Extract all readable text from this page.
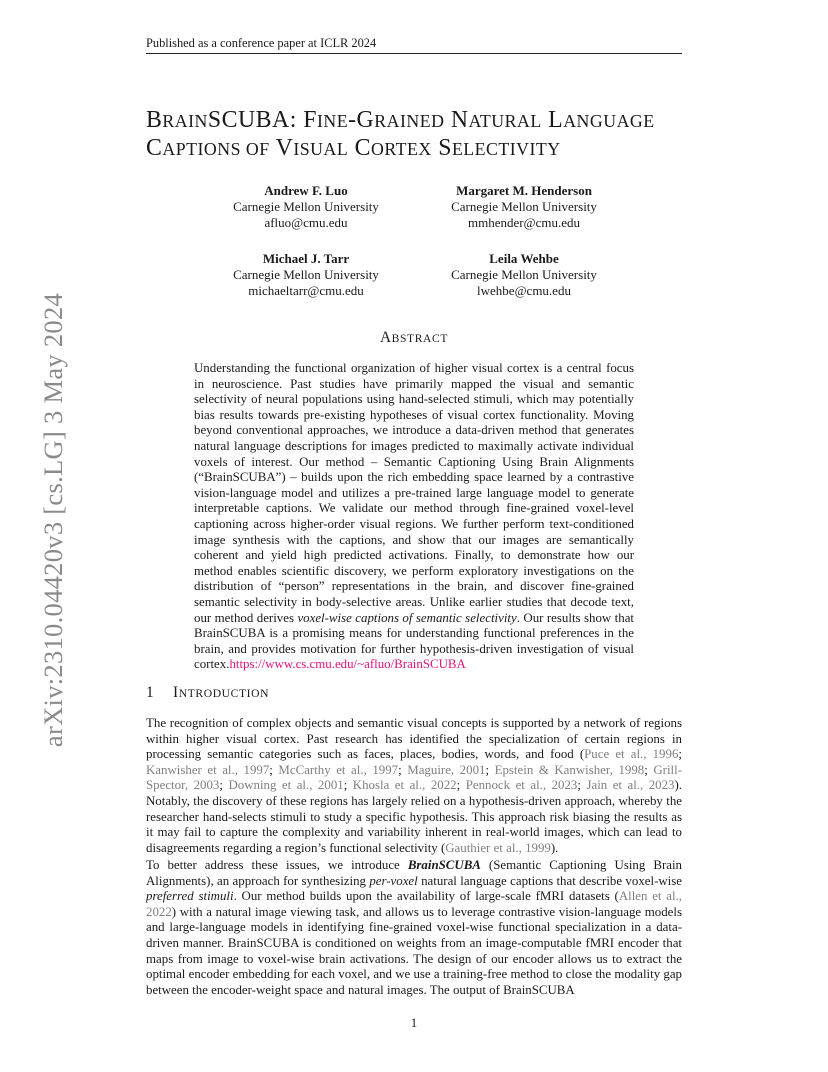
Published as a conference paper at ICLR 2024
arXiv:2310.04420v3 [cs.LG] 3 May 2024
BRAINSCUBA: FINE-GRAINED NATURAL LANGUAGE
CAPTIONS OF VISUAL CORTEX SELECTIVITY
Andrew F. Luo
Carnegie Mellon University
afluo@cmu.edu
Margaret M. Henderson
Carnegie Mellon University
mmhender@cmu.edu
Michael J. Tarr
Carnegie Mellon University
michaeltarr@cmu.edu
Leila Wehbe
Carnegie Mellon University
lwehbe@cmu.edu
ABSTRACT
Understanding the functional organization of higher visual cortex is a central focus in neuroscience. Past studies have primarily mapped the visual and semantic selectivity of neural populations using hand-selected stimuli, which may potentially bias results towards pre-existing hypotheses of visual cortex functionality. Moving beyond conventional approaches, we introduce a data-driven method that generates natural language descriptions for images predicted to maximally activate individual voxels of interest. Our method – Semantic Captioning Using Brain Alignments (“BrainSCUBA”) – builds upon the rich embedding space learned by a contrastive vision-language model and utilizes a pre-trained large language model to generate interpretable captions. We validate our method through fine-grained voxel-level captioning across higher-order visual regions. We further perform text-conditioned image synthesis with the captions, and show that our images are semantically coherent and yield high predicted activations. Finally, to demonstrate how our method enables scientific discovery, we perform exploratory investigations on the distribution of “person” representations in the brain, and discover fine-grained semantic selectivity in body-selective areas. Unlike earlier studies that decode text, our method derives voxel-wise captions of semantic selectivity. Our results show that BrainSCUBA is a promising means for understanding functional preferences in the brain, and provides motivation for further hypothesis-driven investigation of visual cortex.https://www.cs.cmu.edu/~afluo/BrainSCUBA
1 INTRODUCTION
The recognition of complex objects and semantic visual concepts is supported by a network of regions within higher visual cortex. Past research has identified the specialization of certain regions in processing semantic categories such as faces, places, bodies, words, and food (Puce et al., 1996; Kanwisher et al., 1997; McCarthy et al., 1997; Maguire, 2001; Epstein & Kanwisher, 1998; Grill-Spector, 2003; Downing et al., 2001; Khosla et al., 2022; Pennock et al., 2023; Jain et al., 2023). Notably, the discovery of these regions has largely relied on a hypothesis-driven approach, whereby the researcher hand-selects stimuli to study a specific hypothesis. This approach risk biasing the results as it may fail to capture the complexity and variability inherent in real-world images, which can lead to disagreements regarding a region’s functional selectivity (Gauthier et al., 1999).
To better address these issues, we introduce BrainSCUBA (Semantic Captioning Using Brain Alignments), an approach for synthesizing per-voxel natural language captions that describe voxel-wise preferred stimuli. Our method builds upon the availability of large-scale fMRI datasets (Allen et al., 2022) with a natural image viewing task, and allows us to leverage contrastive vision-language models and large-language models in identifying fine-grained voxel-wise functional specialization in a data-driven manner. BrainSCUBA is conditioned on weights from an image-computable fMRI encoder that maps from image to voxel-wise brain activations. The design of our encoder allows us to extract the optimal encoder embedding for each voxel, and we use a training-free method to close the modality gap between the encoder-weight space and natural images. The output of BrainSCUBA
1
